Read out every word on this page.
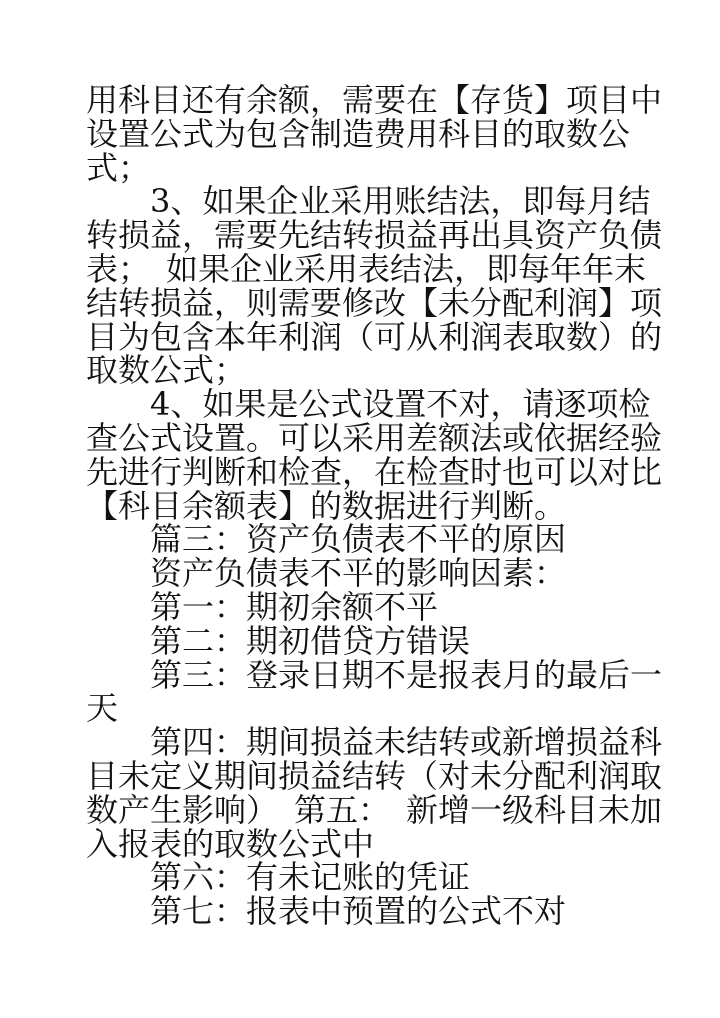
用科目还有余额，需要在【存货】项目中设置公式为包含制造费用科目的取数公式；

3、如果企业采用账结法，即每月结转损益，需要先结转损益再出具资产负债表；　如果企业采用表结法，即每年年末结转损益，则需要修改【未分配利润】项目为包含本年利润（可从利润表取数）的取数公式；

4、如果是公式设置不对，请逐项检查公式设置。可以采用差额法或依据经验先进行判断和检查，在检查时也可以对比【科目余额表】的数据进行判断。

篇三：资产负债表不平的原因

资产负债表不平的影响因素：

第一：期初余额不平

第二：期初借贷方错误

第三：登录日期不是报表月的最后一天

第四：期间损益未结转或新增损益科目未定义期间损益结转（对未分配利润取数产生影响）　第五：　新增一级科目未加入报表的取数公式中

第六：有未记账的凭证

第七：报表中预置的公式不对
